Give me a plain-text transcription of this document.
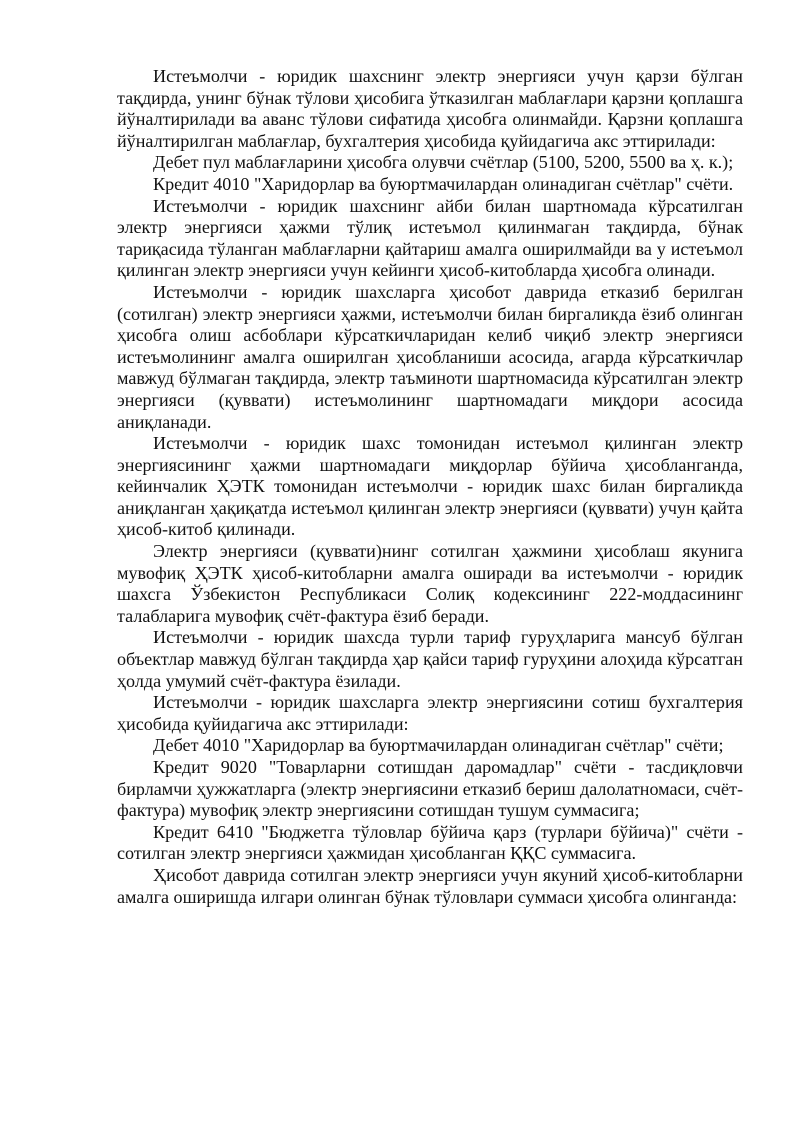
Истеъмолчи - юридик шахснинг электр энергияси учун қарзи бўлган тақдирда, унинг бўнак тўлови ҳисобига ўтказилган маблағлари қарзни қоплашга йўналтирилади ва аванс тўлови сифатида ҳисобга олинмайди. Қарзни қоплашга йўналтирилган маблағлар, бухгалтерия ҳисобида қуйидагича акс эттирилади:

Дебет пул маблағларини ҳисобга олувчи счётлар (5100, 5200, 5500 ва ҳ. к.);

Кредит 4010 "Харидорлар ва буюртмачилардан олинадиган счётлар" счёти.

Истеъмолчи - юридик шахснинг айби билан шартномада кўрсатилган электр энергияси ҳажми тўлиқ истеъмол қилинмаган тақдирда, бўнак тариқасида тўланган маблағларни қайтариш амалга оширилмайди ва у истеъмол қилинган электр энергияси учун кейинги ҳисоб-китобларда ҳисобга олинади.

Истеъмолчи - юридик шахсларга ҳисобот даврида етказиб берилган (сотилган) электр энергияси ҳажми, истеъмолчи билан биргаликда ёзиб олинган ҳисобга олиш асбоблари кўрсаткичларидан келиб чиқиб электр энергияси истеъмолининг амалга оширилган ҳисобланиши асосида, агарда кўрсаткичлар мавжуд бўлмаган тақдирда, электр таъминоти шартномасида кўрсатилган электр энергияси (қуввати) истеъмолининг шартномадаги миқдори асосида аниқланади.

Истеъмолчи - юридик шахс томонидан истеъмол қилинган электр энергиясининг ҳажми шартномадаги миқдорлар бўйича ҳисобланганда, кейинчалик ҲЭТК томонидан истеъмолчи - юридик шахс билан биргаликда аниқланган ҳақиқатда истеъмол қилинган электр энергияси (қуввати) учун қайта ҳисоб-китоб қилинади.

Электр энергияси (қуввати)нинг сотилган ҳажмини ҳисоблаш якунига мувофиқ ҲЭТК ҳисоб-китобларни амалга оширади ва истеъмолчи - юридик шахсга Ўзбекистон Республикаси Солиқ кодексининг 222-моддасининг талабларига мувофиқ счёт-фактура ёзиб беради.

Истеъмолчи - юридик шахсда турли тариф гуруҳларига мансуб бўлган объектлар мавжуд бўлган тақдирда ҳар қайси тариф гуруҳини алоҳида кўрсатган ҳолда умумий счёт-фактура ёзилади.

Истеъмолчи - юридик шахсларга электр энергиясини сотиш бухгалтерия ҳисобида қуйидагича акс эттирилади:

Дебет 4010 "Харидорлар ва буюртмачилардан олинадиган счётлар" счёти;

Кредит 9020 "Товарларни сотишдан даромадлар" счёти - тасдиқловчи бирламчи ҳужжатларга (электр энергиясини етказиб бериш далолатномаси, счёт-фактура) мувофиқ электр энергиясини сотишдан тушум суммасига;

Кредит 6410 "Бюджетга тўловлар бўйича қарз (турлари бўйича)" счёти - сотилган электр энергияси ҳажмидан ҳисобланган ҚҚС суммасига.

Ҳисобот даврида сотилган электр энергияси учун якуний ҳисоб-китобларни амалга оширишда илгари олинган бўнак тўловлари суммаси ҳисобга олинганда:
